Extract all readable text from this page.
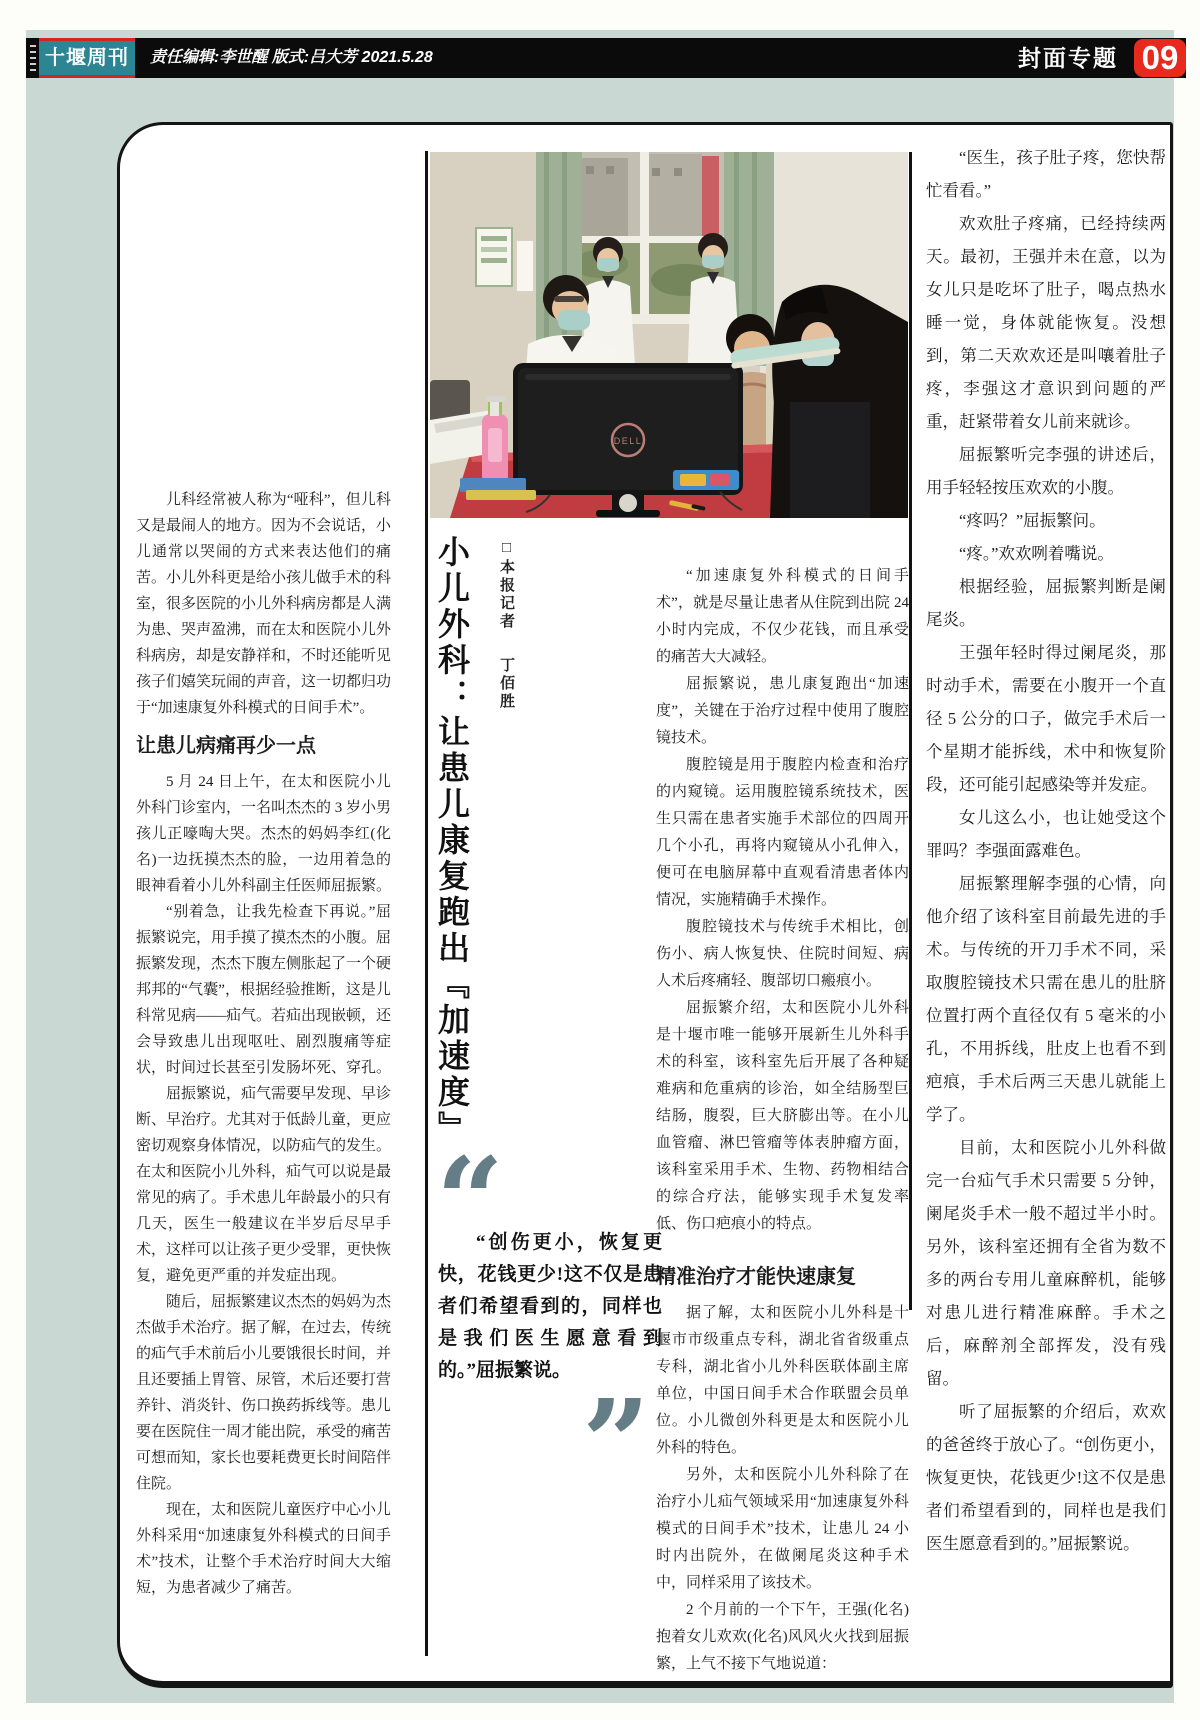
十堰周刊	责任编辑:李世醒 版式:吕大芳 2021.5.28	封面专题 09

儿科经常被人称为“哑科”，但儿科又是最闹人的地方。因为不会说话，小儿通常以哭闹的方式来表达他们的痛苦。小儿外科更是给小孩儿做手术的科室，很多医院的小儿外科病房都是人满为患、哭声盈沸，而在太和医院小儿外科病房，却是安静祥和，不时还能听见孩子们嬉笑玩闹的声音，这一切都归功于“加速康复外科模式的日间手术”。

让患儿病痛再少一点

5 月 24 日上午，在太和医院小儿外科门诊室内，一名叫杰杰的 3 岁小男孩儿正嚎啕大哭。杰杰的妈妈李红(化名)一边抚摸杰杰的脸，一边用着急的眼神看着小儿外科副主任医师屈振繁。

“别着急，让我先检查下再说。”屈振繁说完，用手摸了摸杰杰的小腹。屈振繁发现，杰杰下腹左侧胀起了一个硬邦邦的“气囊”，根据经验推断，这是儿科常见病——疝气。若疝出现嵌顿，还会导致患儿出现呕吐、剧烈腹痛等症状，时间过长甚至引发肠坏死、穿孔。

屈振繁说，疝气需要早发现、早诊断、早治疗。尤其对于低龄儿童，更应密切观察身体情况，以防疝气的发生。在太和医院小儿外科，疝气可以说是最常见的病了。手术患儿年龄最小的只有几天，医生一般建议在半岁后尽早手术，这样可以让孩子更少受罪，更快恢复，避免更严重的并发症出现。

随后，屈振繁建议杰杰的妈妈为杰杰做手术治疗。据了解，在过去，传统的疝气手术前后小儿要饿很长时间，并且还要插上胃管、尿管，术后还要打营养针、消炎针、伤口换药拆线等。患儿要在医院住一周才能出院，承受的痛苦可想而知，家长也要耗费更长时间陪伴住院。

现在，太和医院儿童医疗中心小儿外科采用“加速康复外科模式的日间手术”技术，让整个手术治疗时间大大缩短，为患者减少了痛苦。

DELL
小儿外科：让患儿康复跑出『加速度』 □本报记者丁佰胜
“

“创伤更小，恢复更快，花钱更少!这不仅是患者们希望看到的，同样也是我们医生愿意看到的。”屈振繁说。

”

“加速康复外科模式的日间手术”，就是尽量让患者从住院到出院 24 小时内完成，不仅少花钱，而且承受的痛苦大大减轻。

屈振繁说，患儿康复跑出“加速度”，关键在于治疗过程中使用了腹腔镜技术。

腹腔镜是用于腹腔内检查和治疗的内窥镜。运用腹腔镜系统技术，医生只需在患者实施手术部位的四周开几个小孔，再将内窥镜从小孔伸入，便可在电脑屏幕中直观看清患者体内情况，实施精确手术操作。

腹腔镜技术与传统手术相比，创伤小、病人恢复快、住院时间短、病人术后疼痛轻、腹部切口瘢痕小。

屈振繁介绍，太和医院小儿外科是十堰市唯一能够开展新生儿外科手术的科室，该科室先后开展了各种疑难病和危重病的诊治，如全结肠型巨结肠，腹裂，巨大脐膨出等。在小儿血管瘤、淋巴管瘤等体表肿瘤方面，该科室采用手术、生物、药物相结合的综合疗法，能够实现手术复发率低、伤口疤痕小的特点。

精准治疗才能快速康复

据了解，太和医院小儿外科是十堰市市级重点专科，湖北省省级重点专科，湖北省小儿外科医联体副主席单位，中国日间手术合作联盟会员单位。小儿微创外科更是太和医院小儿外科的特色。

另外，太和医院小儿外科除了在治疗小儿疝气领域采用“加速康复外科模式的日间手术”技术，让患儿 24 小时内出院外，在做阑尾炎这种手术中，同样采用了该技术。

2 个月前的一个下午，王强(化名)抱着女儿欢欢(化名)风风火火找到屈振繁，上气不接下气地说道：

“医生，孩子肚子疼，您快帮忙看看。”

欢欢肚子疼痛，已经持续两天。最初，王强并未在意，以为女儿只是吃坏了肚子，喝点热水睡一觉，身体就能恢复。没想到，第二天欢欢还是叫嚷着肚子疼，李强这才意识到问题的严重，赶紧带着女儿前来就诊。

屈振繁听完李强的讲述后，用手轻轻按压欢欢的小腹。

“疼吗？”屈振繁问。

“疼。”欢欢咧着嘴说。

根据经验，屈振繁判断是阑尾炎。

王强年轻时得过阑尾炎，那时动手术，需要在小腹开一个直径 5 公分的口子，做完手术后一个星期才能拆线，术中和恢复阶段，还可能引起感染等并发症。

女儿这么小，也让她受这个罪吗？李强面露难色。

屈振繁理解李强的心情，向他介绍了该科室目前最先进的手术。与传统的开刀手术不同，采取腹腔镜技术只需在患儿的肚脐位置打两个直径仅有 5 毫米的小孔，不用拆线，肚皮上也看不到疤痕，手术后两三天患儿就能上学了。

目前，太和医院小儿外科做完一台疝气手术只需要 5 分钟，阑尾炎手术一般不超过半小时。另外，该科室还拥有全省为数不多的两台专用儿童麻醉机，能够对患儿进行精准麻醉。手术之后，麻醉剂全部挥发，没有残留。

听了屈振繁的介绍后，欢欢的爸爸终于放心了。“创伤更小，恢复更快，花钱更少!这不仅是患者们希望看到的，同样也是我们医生愿意看到的。”屈振繁说。
